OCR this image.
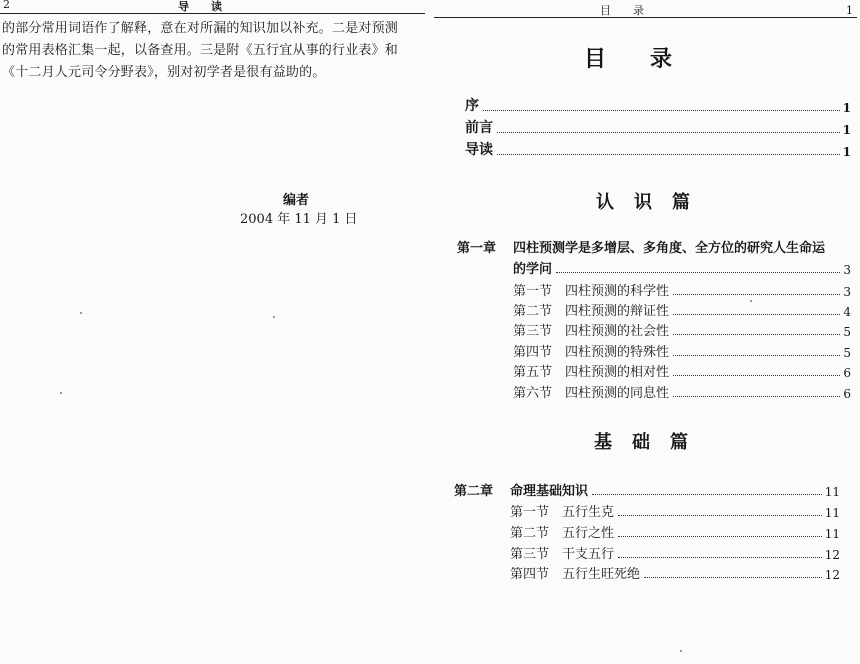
2	导　　读
的部分常用词语作了解释，意在对所漏的知识加以补充。二是对预测
的常用表格汇集一起，以备查用。三是附《五行宜从事的行业表》和
《十二月人元司令分野表》，别对初学者是很有益助的。
编者
2004 年 11 月 1 日
目　　录	1
目　　录
序	1
前言	1
导读	1
认　识　篇
第一章 四柱预测学是多增层、多角度、全方位的研究人生命运
的学问	3
第一节　四柱预测的科学性	3
第二节　四柱预测的辩证性	4
第三节　四柱预测的社会性	5
第四节　四柱预测的特殊性	5
第五节　四柱预测的相对性	6
第六节　四柱预测的同息性	6
基　础　篇
第二章 命理基础知识	11
第一节　五行生克	11
第二节　五行之性	11
第三节　干支五行	12
第四节　五行生旺死绝	12
